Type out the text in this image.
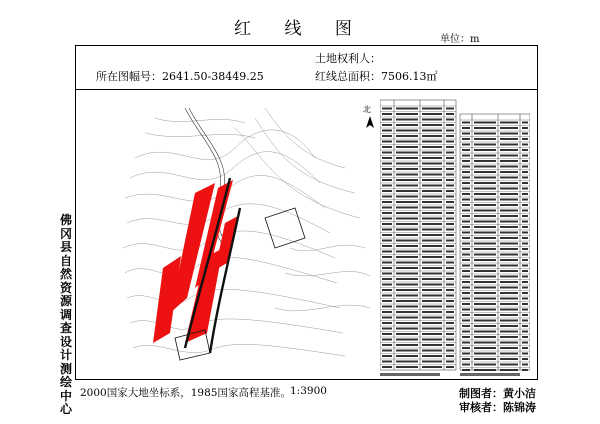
红 线 图
单位：m
土地权利人：
所在图幅号：2641.50-38449.25	红线总面积：7506.13㎡
佛冈县自然资源调查设计测绘中心
北
2000国家大地坐标系，1985国家高程基准。 1:3900	制图者：黄小洁
审核者：陈锦涛
